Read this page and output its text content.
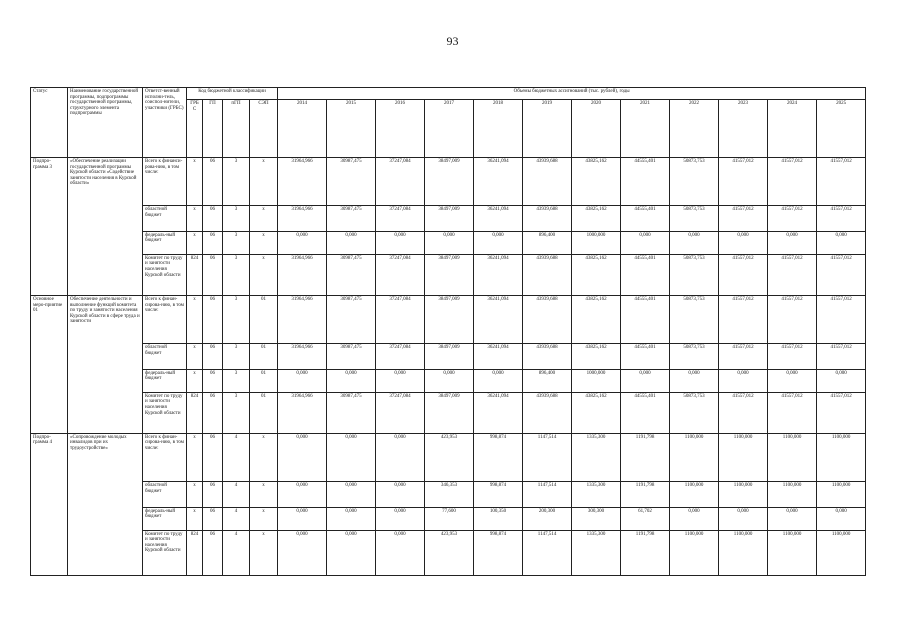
93
Статус	Наименование государственной программы, подпрограммы государственной программы, структурного элемента подпрограммы	Ответст-венный исполни-тель, соиспол-нители, участники (ГРБС)	Код бюджетной классификации				Объемы бюджетных ассигнований (тыс. рублей), годы											
			ГРБ С	ГП	пГП	СЭП	2014	2015	2016	2017	2018	2019	2020	2021	2022	2023	2024	2025
Подпро-грамма 3	«Обеспечение реализации государственной программы Курской области «Содействие занятости населения в Курской области»	Всего к финанси-рова-нию, в том числе:	х	06	3	х	31964,966	30987,475	37247,084	38497,009	36241,094	43939,688	43825,162	44555,401	50873,753	41557,012	41557,012	41557,012
		областной бюджет	х	06	3	х	31964,966	30987,475	37247,084	38497,009	36241,094	43939,688	43825,162	44555,401	50873,753	41557,012	41557,012	41557,012
		федераль-ный бюджет	х	06	3	х	0,000	0,000	0,000	0,000	0,000	896,400	1000,000	0,000	0,000	0,000	0,000	0,000
		Комитет по труду и занятости населения Курской области	824	06	3	х	31964,966	30987,475	37247,084	38497,009	36241,094	43939,688	43825,162	44555,401	50873,753	41557,012	41557,012	41557,012
Основное меро-приятие 01	Обеспечение деятельности и выполнение функций комитета по труду и занятости населения Курской области в сфере труда и занятости	Всего к финан-сирова-нию, в том числе:	х	06	3	01	31964,966	30987,475	37247,084	38497,009	36241,094	43939,688	43825,162	44555,401	50873,753	41557,012	41557,012	41557,012
		областной бюджет	х	06	3	01	31964,966	30987,475	37247,084	38497,009	36241,094	43939,688	43825,162	44555,401	50873,753	41557,012	41557,012	41557,012
		федераль-ный бюджет	х	06	3	01	0,000	0,000	0,000	0,000	0,000	896,400	1000,000	0,000	0,000	0,000	0,000	0,000
		Комитет по труду и занятости населения Курской области	824	06	3	01	31964,966	30987,475	37247,084	38497,009	36241,094	43939,688	43825,162	44555,401	50873,753	41557,012	41557,012	41557,012
Подпро-грамма 4	«Сопровождение молодых инвалидов при их трудоустройстве»	Всего к финан-сирова-нию, в том числе:	х	06	4	х	0,000	0,000	0,000	423,953	998,874	1147,514	1335,300	1191,798	1100,000	1100,000	1100,000	1100,000
		областной бюджет	х	06	4	х	0,000	0,000	0,000	346,353	998,874	1147,514	1335,300	1191,798	1100,000	1100,000	1100,000	1100,000
		федераль-ный бюджет	х	06	4	х	0,000	0,000	0,000	77,600	100,350	200,300	300,300	61,702	0,000	0,000	0,000	0,000
		Комитет по труду и занятости населения Курской области	824	06	4	х	0,000	0,000	0,000	423,953	998,874	1147,514	1335,300	1191,798	1100,000	1100,000	1100,000	1100,000
